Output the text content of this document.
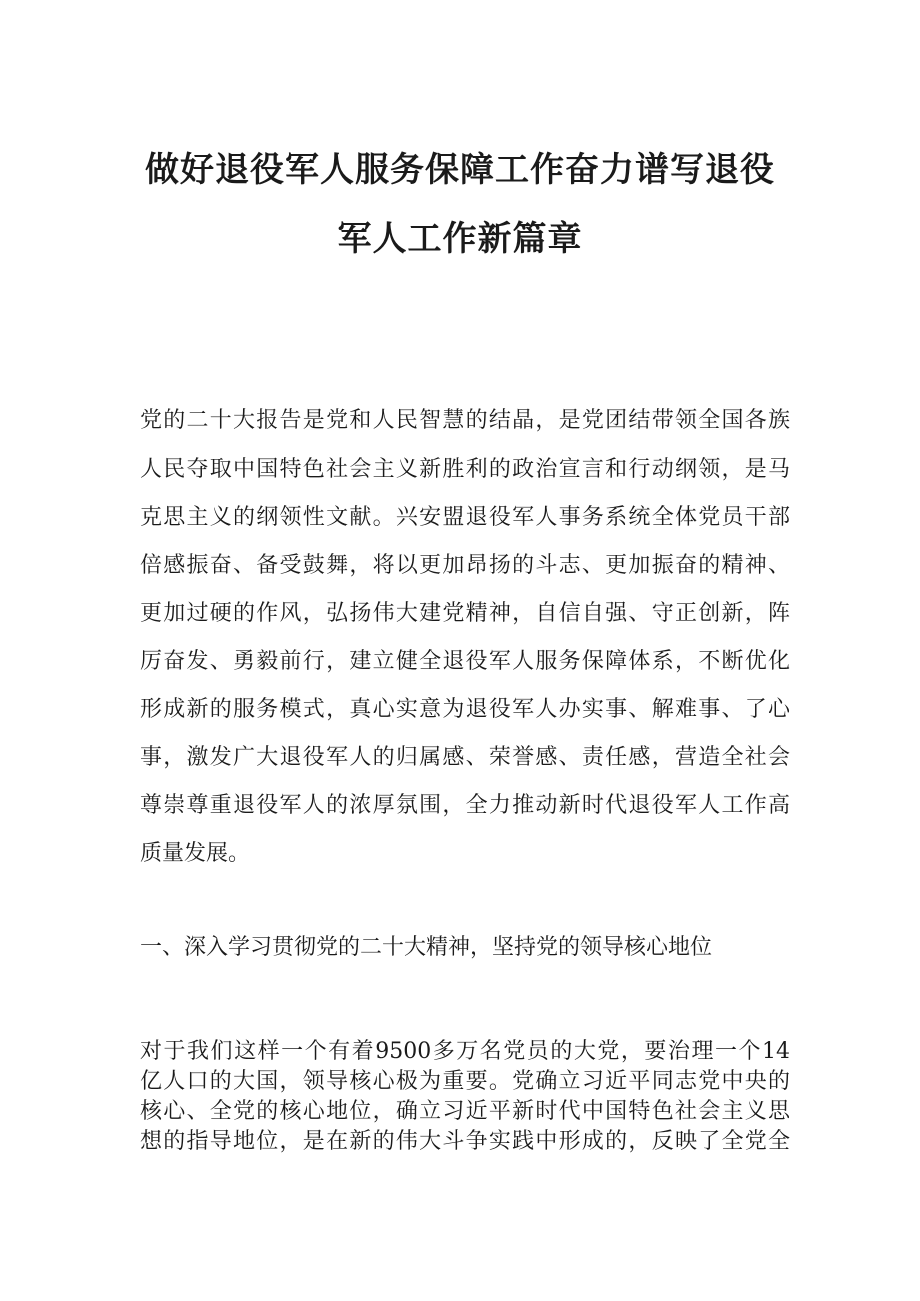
做好退役军人服务保障工作奋力谱写退役
军人工作新篇章
党的二十大报告是党和人民智慧的结晶，是党团结带领全国各族
人民夺取中国特色社会主义新胜利的政治宣言和行动纲领，是马
克思主义的纲领性文献。兴安盟退役军人事务系统全体党员干部
倍感振奋、备受鼓舞，将以更加昂扬的斗志、更加振奋的精神、
更加过硬的作风，弘扬伟大建党精神，自信自强、守正创新，阵
厉奋发、勇毅前行，建立健全退役军人服务保障体系，不断优化
形成新的服务模式，真心实意为退役军人办实事、解难事、了心
事，激发广大退役军人的归属感、荣誉感、责任感，营造全社会
尊崇尊重退役军人的浓厚氛围，全力推动新时代退役军人工作高
质量发展。
一、深入学习贯彻党的二十大精神，坚持党的领导核心地位
对于我们这样一个有着9500多万名党员的大党，要治理一个14
亿人口的大国，领导核心极为重要。党确立习近平同志党中央的
核心、全党的核心地位，确立习近平新时代中国特色社会主义思
想的指导地位，是在新的伟大斗争实践中形成的，反映了全党全
